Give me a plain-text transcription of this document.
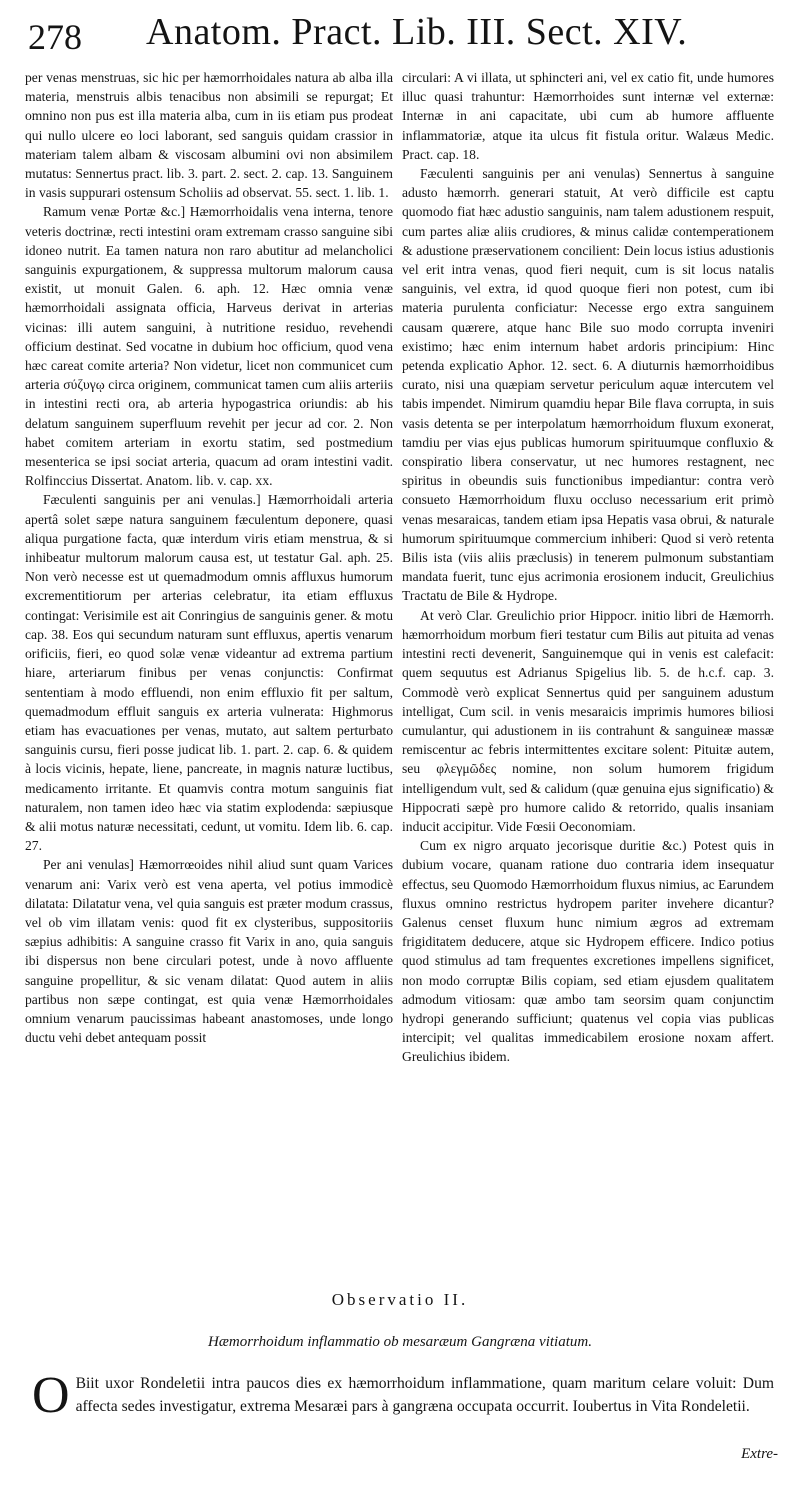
278 Anatom. Pract. Lib. III. Sect. XIV.

per venas menstruas, sic hic per hæmorrhoidales natura ab alba illa materia, menstruis albis tenacibus non absimili se repurgat; Et omnino non pus est illa materia alba, cum in iis etiam pus prodeat qui nullo ulcere eo loci laborant, sed sanguis quidam crassior in materiam talem albam & viscosam albumini ovi non absimilem mutatus: Sennertus pract. lib. 3. part. 2. sect. 2. cap. 13. Sanguinem in vasis suppurari ostensum Scholiis ad observat. 55. sect. 1. lib. 1.

Ramum venæ Portæ &c.] Hæmorrhoidalis vena interna, tenore veteris doctrinæ, recti intestini oram extremam crasso sanguine sibi idoneo nutrit. Ea tamen natura non raro abutitur ad melancholici sanguinis expurgationem, & suppressa multorum malorum causa existit, ut monuit Galen. 6. aph. 12. Hæc omnia venæ hæmorrhoidali assignata officia, Harveus derivat in arterias vicinas: illi autem sanguini, à nutritione residuo, revehendi officium destinat. Sed vocatne in dubium hoc officium, quod vena hæc careat comite arteria? Non videtur, licet non communicet cum arteria σύζυγῳ circa originem, communicat tamen cum aliis arteriis in intestini recti ora, ab arteria hypogastrica oriundis: ab his delatum sanguinem superfluum revehit per jecur ad cor. 2. Non habet comitem arteriam in exortu statim, sed postmedium mesenterica se ipsi sociat arteria, quacum ad oram intestini vadit. Rolfinccius Dissertat. Anatom. lib. v. cap. xx.

Fæculenti sanguinis per ani venulas.] Hæmorrhoidali arteria apertâ solet sæpe natura sanguinem fæculentum deponere, quasi aliqua purgatione facta, quæ interdum viris etiam menstrua, & si inhibeatur multorum malorum causa est, ut testatur Gal. aph. 25. Non verò necesse est ut quemadmodum omnis affluxus humorum excrementitiorum per arterias celebratur, ita etiam effluxus contingat: Verisimile est ait Conringius de sanguinis gener. & motu cap. 38. Eos qui secundum naturam sunt effluxus, apertis venarum orificiis, fieri, eo quod solæ venæ videantur ad extrema partium hiare, arteriarum finibus per venas conjunctis: Confirmat sententiam à modo effluendi, non enim effluxio fit per saltum, quemadmodum effluit sanguis ex arteria vulnerata: Highmorus etiam has evacuationes per venas, mutato, aut saltem perturbato sanguinis cursu, fieri posse judicat lib. 1. part. 2. cap. 6. & quidem à locis vicinis, hepate, liene, pancreate, in magnis naturæ luctibus, medicamento irritante. Et quamvis contra motum sanguinis fiat naturalem, non tamen ideo hæc via statim explodenda: sæpiusque & alii motus naturæ necessitati, cedunt, ut vomitu. Idem lib. 6. cap. 27.

Per ani venulas] Hæmorrœoides nihil aliud sunt quam Varices venarum ani: Varix verò est vena aperta, vel potius immodicè dilatata: Dilatatur vena, vel quia sanguis est præter modum crassus, vel ob vim illatam venis: quod fit ex clysteribus, suppositoriis sæpius adhibitis: A sanguine crasso fit Varix in ano, quia sanguis ibi dispersus non bene circulari potest, unde à novo affluente sanguine propellitur, & sic venam dilatat: Quod autem in aliis partibus non sæpe contingat, est quia venæ Hæmorrhoidales omnium venarum paucissimas habeant anastomoses, unde longo ductu vehi debet antequam possit

circulari: A vi illata, ut sphincteri ani, vel ex catio fit, unde humores illuc quasi trahuntur: Hæmorrhoides sunt internæ vel externæ: Internæ in ani capacitate, ubi cum ab humore affluente inflammatoriæ, atque ita ulcus fit fistula oritur. Walæus Medic. Pract. cap. 18.

Fæculenti sanguinis per ani venulas) Sennertus à sanguine adusto hæmorrh. generari statuit, At verò difficile est captu quomodo fiat hæc adustio sanguinis, nam talem adustionem respuit, cum partes aliæ aliis crudiores, & minus calidæ contemperationem & adustione præservationem concilient: Dein locus istius adustionis vel erit intra venas, quod fieri nequit, cum is sit locus natalis sanguinis, vel extra, id quod quoque fieri non potest, cum ibi materia purulenta conficiatur: Necesse ergo extra sanguinem causam quærere, atque hanc Bile suo modo corrupta inveniri existimo; hæc enim internum habet ardoris principium: Hinc petenda explicatio Aphor. 12. sect. 6. A diuturnis hæmorrhoidibus curato, nisi una quæpiam servetur periculum aquæ intercutem vel tabis impendet. Nimirum quamdiu hepar Bile flava corrupta, in suis vasis detenta se per interpolatum hæmorrhoidum fluxum exonerat, tamdiu per vias ejus publicas humorum spirituumque confluxio & conspiratio libera conservatur, ut nec humores restagnent, nec spiritus in obeundis suis functionibus impediantur: contra verò consueto Hæmorrhoidum fluxu occluso necessarium erit primò venas mesaraicas, tandem etiam ipsa Hepatis vasa obrui, & naturale humorum spirituumque commercium inhiberi: Quod si verò retenta Bilis ista (viis aliis præclusis) in tenerem pulmonum substantiam mandata fuerit, tunc ejus acrimonia erosionem inducit, Greulichius Tractatu de Bile & Hydrope.

At verò Clar. Greulichio prior Hippocr. initio libri de Hæmorrh. hæmorrhoidum morbum fieri testatur cum Bilis aut pituita ad venas intestini recti devenerit, Sanguinemque qui in venis est calefacit: quem sequutus est Adrianus Spigelius lib. 5. de h.c.f. cap. 3. Commodè verò explicat Sennertus quid per sanguinem adustum intelligat, Cum scil. in venis mesaraicis imprimis humores biliosi cumulantur, qui adustionem in iis contrahunt & sanguineæ massæ remiscentur ac febris intermittentes excitare solent: Pituitæ autem, seu φλεγμῶδες nomine, non solum humorem frigidum intelligendum vult, sed & calidum (quæ genuina ejus significatio) & Hippocrati sæpè pro humore calido & retorrido, qualis insaniam inducit accipitur. Vide Fœsii Oeconomiam.

Cum ex nigro arquato jecorisque duritie &c.) Potest quis in dubium vocare, quanam ratione duo contraria idem insequatur effectus, seu Quomodo Hæmorrhoidum fluxus nimius, ac Earundem fluxus omnino restrictus hydropem pariter invehere dicantur? Galenus censet fluxum hunc nimium ægros ad extremam frigiditatem deducere, atque sic Hydropem efficere. Indico potius quod stimulus ad tam frequentes excretiones impellens significet, non modo corruptæ Bilis copiam, sed etiam ejusdem qualitatem admodum vitiosam: quæ ambo tam seorsim quam conjunctim hydropi generando sufficiunt; quatenus vel copia vias publicas intercipit; vel qualitas immedicabilem erosione noxam affert. Greulichius ibidem.

Observatio II.
Hæmorrhoidum inflammatio ob mesaræum Gangræna vitiatum.
O Biit uxor Rondeletii intra paucos dies ex hæmorrhoidum inflammatione, quam maritum celare voluit: Dum affecta sedes investigatur, extrema Mesaræi pars à gangræna occupata occurrit. Ioubertus in Vita Rondeletii.
Extre-
